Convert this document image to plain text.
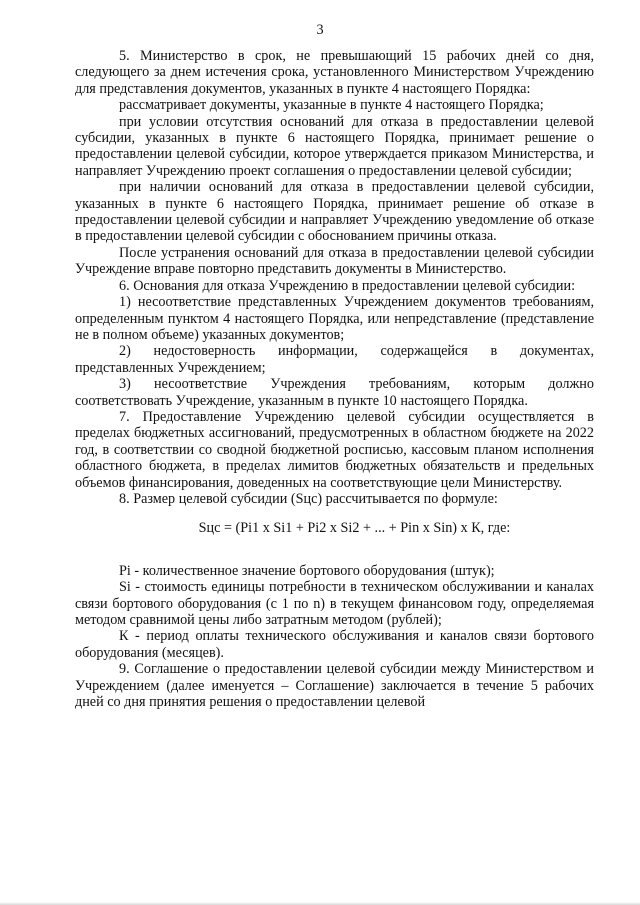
3

5. Министерство в срок, не превышающий 15 рабочих дней со дня, следующего за днем истечения срока, установленного Министерством Учреждению для представления документов, указанных в пункте 4 настоящего Порядка:

рассматривает документы, указанные в пункте 4 настоящего Порядка;

при условии отсутствия оснований для отказа в предоставлении целевой субсидии, указанных в пункте 6 настоящего Порядка, принимает решение о предоставлении целевой субсидии, которое утверждается приказом Министерства, и направляет Учреждению проект соглашения о предоставлении целевой субсидии;

при наличии оснований для отказа в предоставлении целевой субсидии, указанных в пункте 6 настоящего Порядка, принимает решение об отказе в предоставлении целевой субсидии и направляет Учреждению уведомление об отказе в предоставлении целевой субсидии с обоснованием причины отказа.

После устранения оснований для отказа в предоставлении целевой субсидии Учреждение вправе повторно представить документы в Министерство.

6. Основания для отказа Учреждению в предоставлении целевой субсидии:

1) несоответствие представленных Учреждением документов требованиям, определенным пунктом 4 настоящего Порядка, или непредставление (представление не в полном объеме) указанных документов;

2) недостоверность информации, содержащейся в документах, представленных Учреждением;

3) несоответствие Учреждения требованиям, которым должно соответствовать Учреждение, указанным в пункте 10 настоящего Порядка.

7. Предоставление Учреждению целевой субсидии осуществляется в пределах бюджетных ассигнований, предусмотренных в областном бюджете на 2022 год, в соответствии со сводной бюджетной росписью, кассовым планом исполнения областного бюджета, в пределах лимитов бюджетных обязательств и предельных объемов финансирования, доведенных на соответствующие цели Министерству.

8. Размер целевой субсидии (Sцс) рассчитывается по формуле:

Sцс = (Pi1 x Si1 + Pi2 x Si2 + ... + Pin x Sin) x К, где:

Pi - количественное значение бортового оборудования (штук);

Si - стоимость единицы потребности в техническом обслуживании и каналах связи бортового оборудования (с 1 по n) в текущем финансовом году, определяемая методом сравнимой цены либо затратным методом (рублей);

К - период оплаты технического обслуживания и каналов связи бортового оборудования (месяцев).

9. Соглашение о предоставлении целевой субсидии между Министерством и Учреждением (далее именуется – Соглашение) заключается в течение 5 рабочих дней со дня принятия решения о предоставлении целевой
